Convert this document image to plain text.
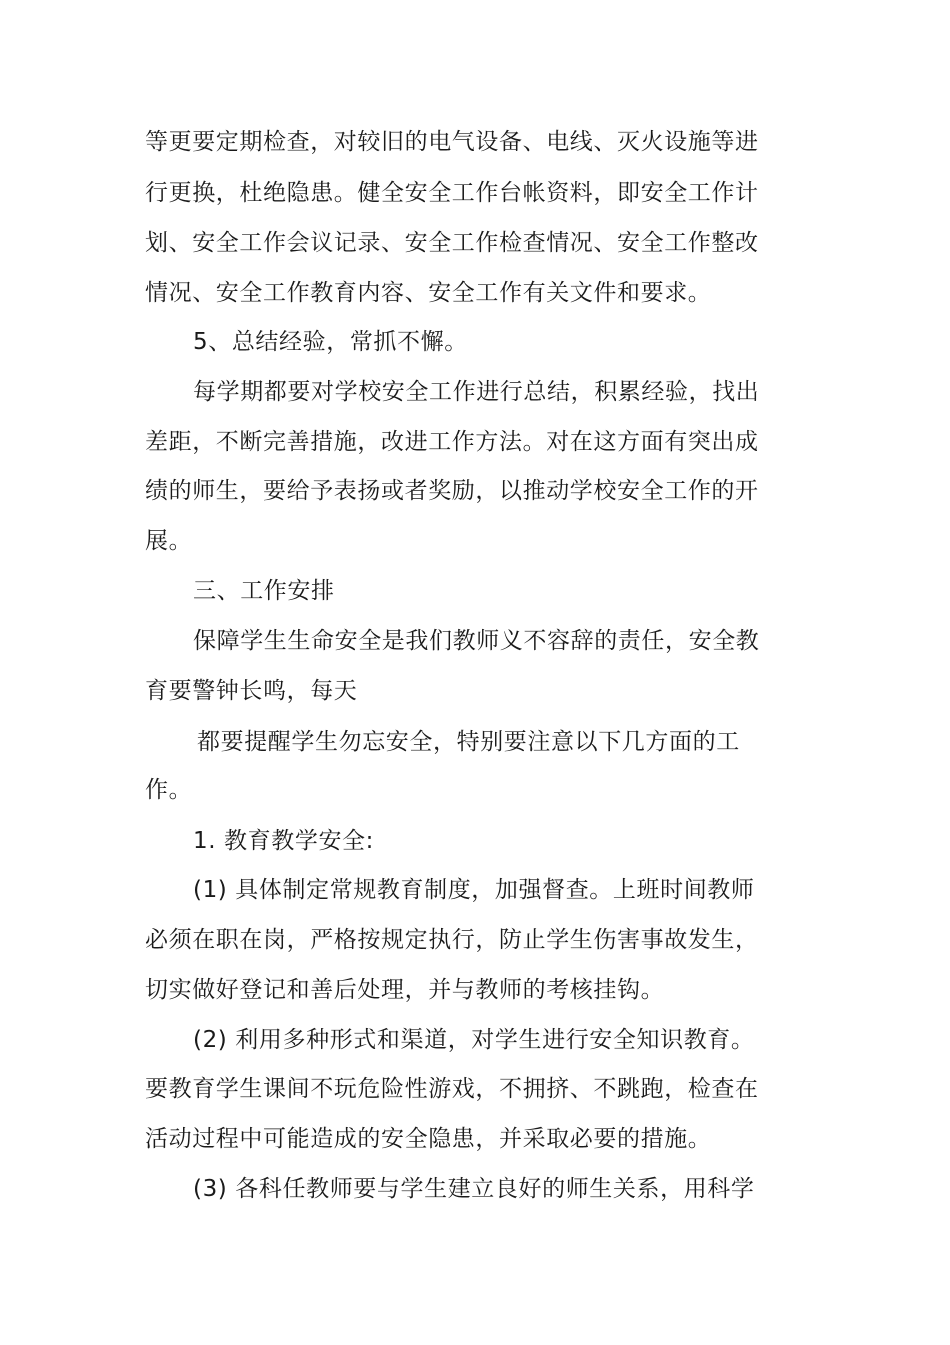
等更要定期检查，对较旧的电气设备、电线、灭火设施等进
行更换，杜绝隐患。健全安全工作台帐资料，即安全工作计
划、安全工作会议记录、安全工作检查情况、安全工作整改
情况、安全工作教育内容、安全工作有关文件和要求。
5、总结经验，常抓不懈。
每学期都要对学校安全工作进行总结，积累经验，找出
差距，不断完善措施，改进工作方法。对在这方面有突出成
绩的师生，要给予表扬或者奖励，以推动学校安全工作的开
展。
三、工作安排
保障学生生命安全是我们教师义不容辞的责任，安全教
育要警钟长鸣，每天
都要提醒学生勿忘安全，特别要注意以下几方面的工
作。
1. 教育教学安全:
(1) 具体制定常规教育制度，加强督查。上班时间教师
必须在职在岗，严格按规定执行，防止学生伤害事故发生，
切实做好登记和善后处理，并与教师的考核挂钩。
(2) 利用多种形式和渠道，对学生进行安全知识教育。
要教育学生课间不玩危险性游戏，不拥挤、不跳跑，检查在
活动过程中可能造成的安全隐患，并采取必要的措施。
(3) 各科任教师要与学生建立良好的师生关系，用科学
